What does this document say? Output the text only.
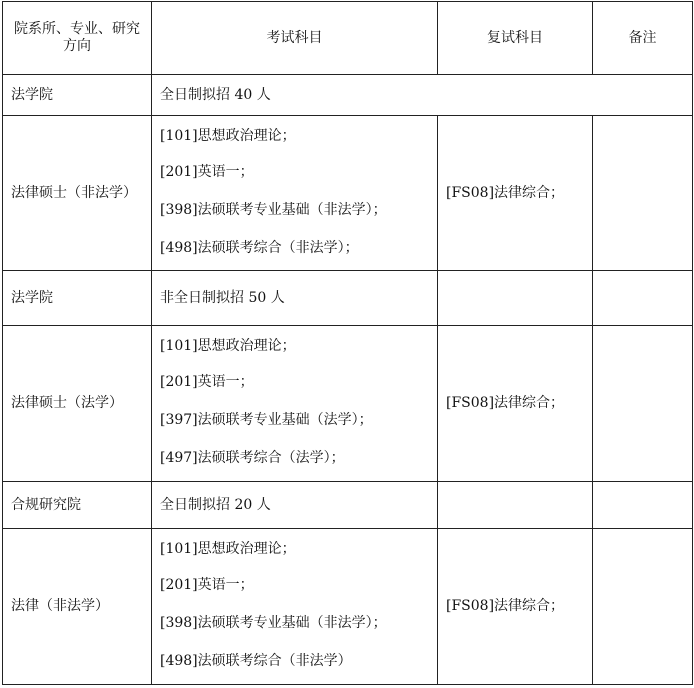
院系所、专业、研究方向	考试科目	复试科目	备注
法学院	全日制拟招 40 人		
法律硕士（非法学）	[101]思想政治理论；
[201]英语一；
[398]法硕联考专业基础（非法学）；
[498]法硕联考综合（非法学）；	[FS08]法律综合；	
法学院	非全日制拟招 50 人		
法律硕士（法学）	[101]思想政治理论；
[201]英语一；
[397]法硕联考专业基础（法学）；
[497]法硕联考综合（法学）；	[FS08]法律综合；	
合规研究院	全日制拟招 20 人		
法律（非法学）	[101]思想政治理论；
[201]英语一；
[398]法硕联考专业基础（非法学）；
[498]法硕联考综合（非法学）	[FS08]法律综合；	
